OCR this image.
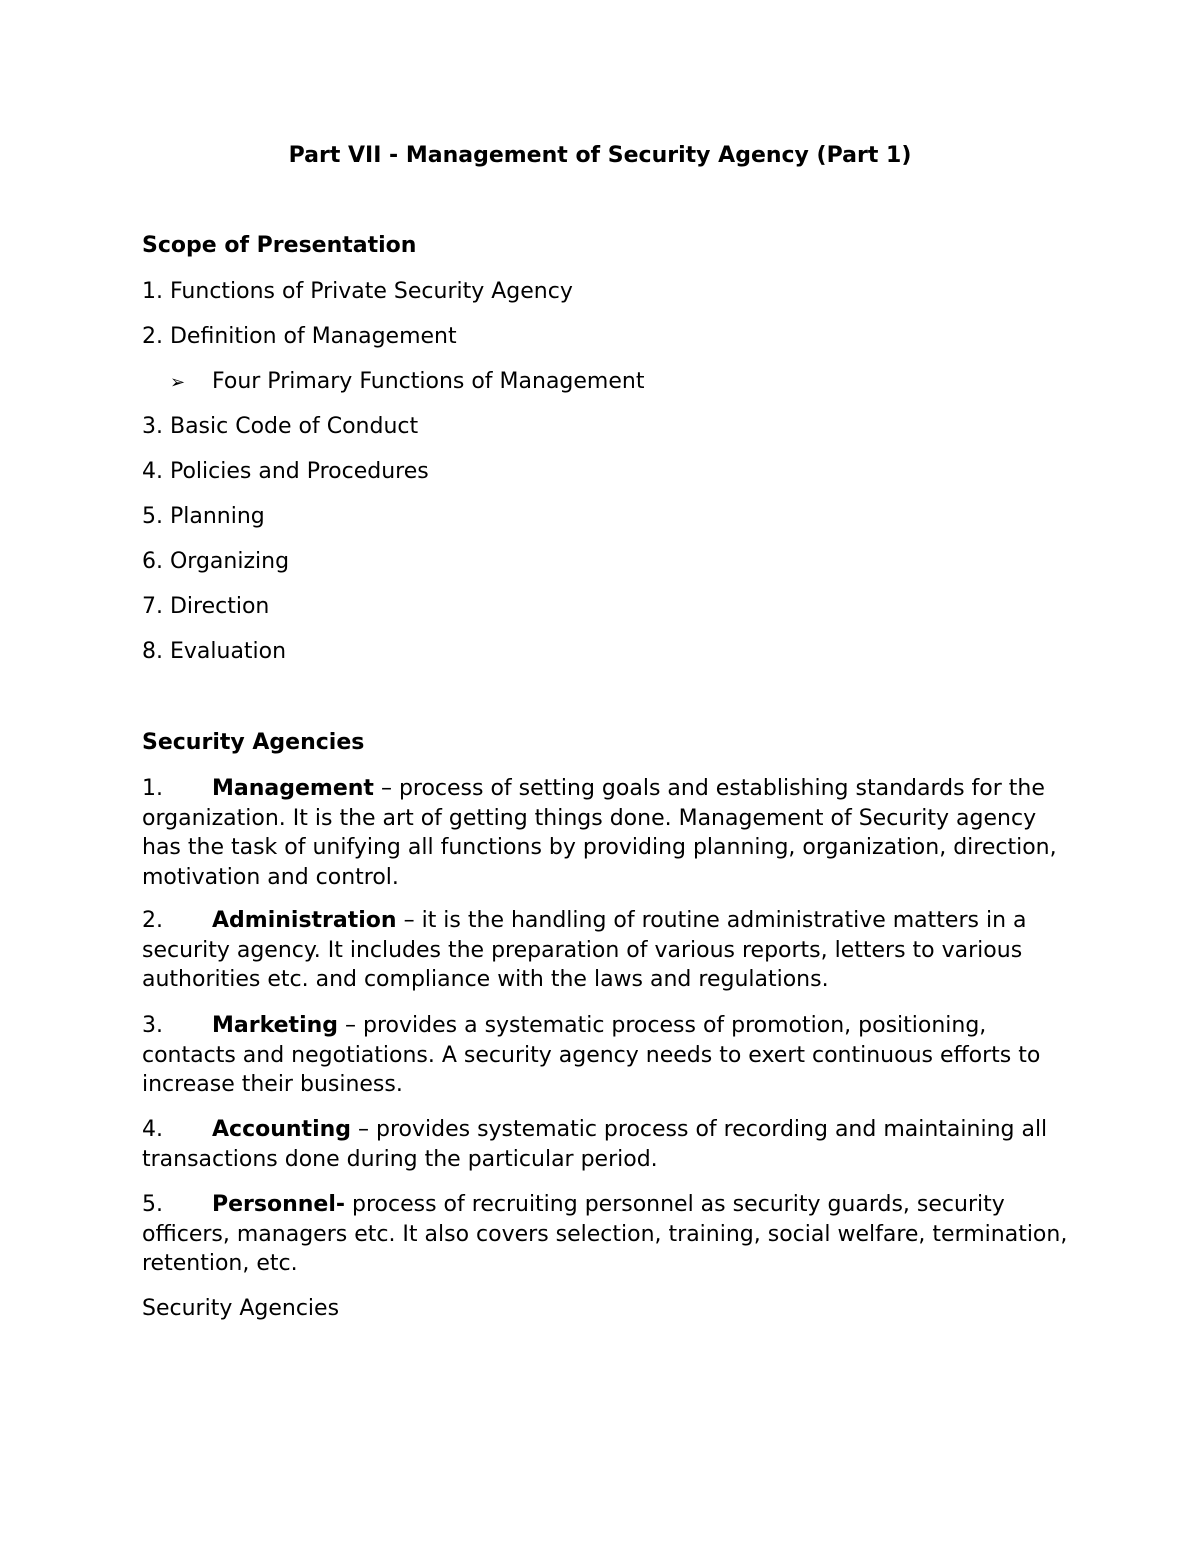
Part VII - Management of Security Agency (Part 1)
Scope of Presentation
1. Functions of Private Security Agency
2. Definition of Management
➢ Four Primary Functions of Management
3. Basic Code of Conduct
4. Policies and Procedures
5. Planning
6. Organizing
7. Direction
8. Evaluation
Security Agencies
1. Management – process of setting goals and establishing standards for the organization. It is the art of getting things done. Management of Security agency has the task of unifying all functions by providing planning, organization, direction, motivation and control.
2. Administration – it is the handling of routine administrative matters in a security agency. It includes the preparation of various reports, letters to various authorities etc. and compliance with the laws and regulations.
3. Marketing – provides a systematic process of promotion, positioning, contacts and negotiations. A security agency needs to exert continuous efforts to increase their business.
4. Accounting – provides systematic process of recording and maintaining all transactions done during the particular period.
5. Personnel- process of recruiting personnel as security guards, security officers, managers etc. It also covers selection, training, social welfare, termination, retention, etc.
Security Agencies
